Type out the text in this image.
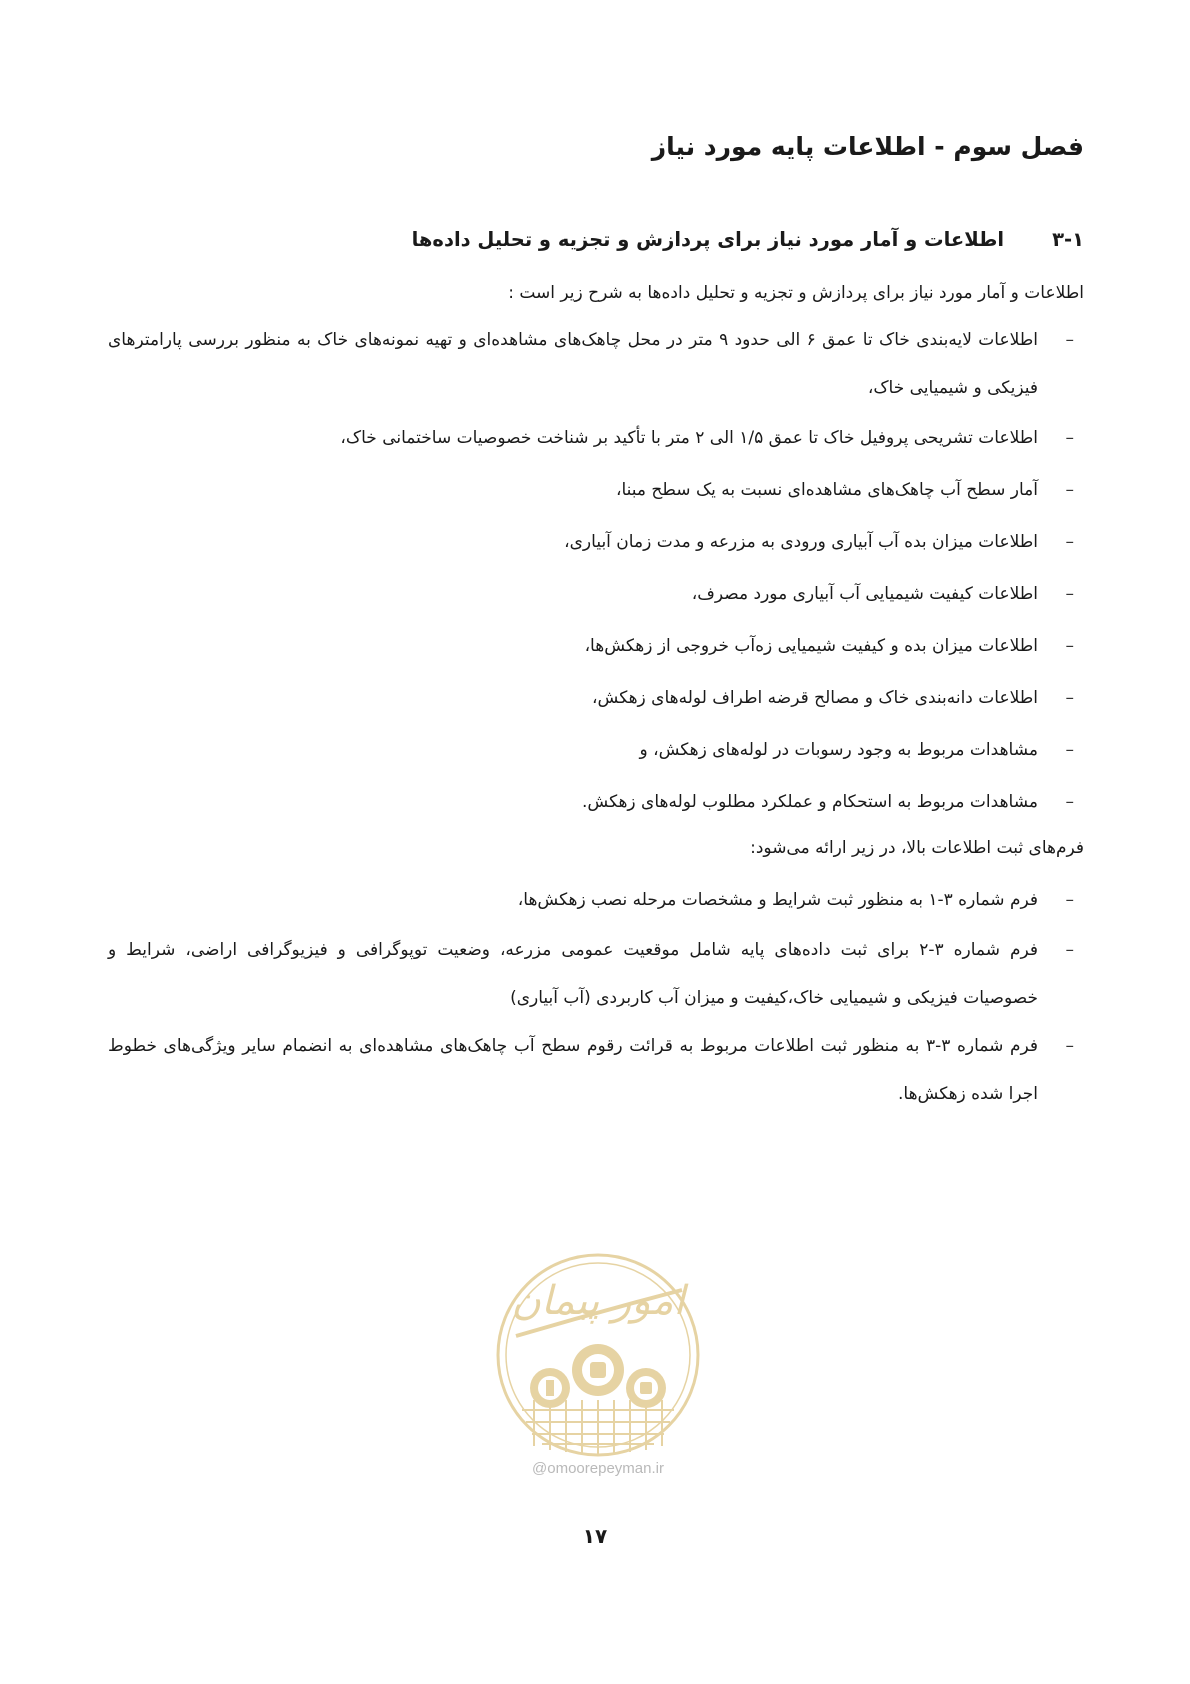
فصل سوم - اطلاعات پایه مورد نیاز
۳-۱اطلاعات و آمار مورد نیاز برای پردازش و تجزیه و تحلیل داده‌ها

اطلاعات و آمار مورد نیاز برای پردازش و تجزیه و تحلیل داده‌ها به شرح زیر است :

–
اطلاعات لایه‌بندی خاک تا عمق ۶ الی حدود ۹ متر در محل چاهک‌های مشاهده‌ای و تهیه نمونه‌های خاک به منظور بررسی پارامترهای فیزیکی و شیمیایی خاک،
–
اطلاعات تشریحی پروفیل خاک تا عمق ۱/۵ الی ۲ متر با تأکید بر شناخت خصوصیات ساختمانی خاک،
–
آمار سطح آب چاهک‌های مشاهده‌ای نسبت به یک سطح مبنا،
–
اطلاعات میزان بده آب آبیاری ورودی به مزرعه و مدت زمان آبیاری،
–
اطلاعات کیفیت شیمیایی آب آبیاری مورد مصرف،
–
اطلاعات میزان بده و کیفیت شیمیایی زه‌آب خروجی از زهکش‌ها،
–
اطلاعات دانه‌بندی خاک و مصالح قرضه اطراف لوله‌های زهکش،
–
مشاهدات مربوط به وجود رسوبات در لوله‌های زهکش، و
–
مشاهدات مربوط به استحکام و عملکرد مطلوب لوله‌های زهکش.

فرم‌های ثبت اطلاعات بالا، در زیر ارائه می‌شود:

–
فرم شماره ۳-۱ به منظور ثبت شرایط و مشخصات مرحله نصب زهکش‌ها،
–
فرم شماره ۳-۲ برای ثبت داده‌های پایه شامل موقعیت عمومی مزرعه، وضعیت توپوگرافی و فیزیوگرافی اراضی، شرایط و خصوصیات فیزیکی و شیمیایی خاک،کیفیت و میزان آب کاربردی (آب آبیاری)
–
فرم شماره ۳-۳ به منظور ثبت اطلاعات مربوط به قرائت رقوم سطح آب چاهک‌های مشاهده‌ای به انضمام سایر ویژگی‌های خطوط اجرا شده زهکش‌ها.
امور پیمان
@omoorepeyman.ir
۱۷
